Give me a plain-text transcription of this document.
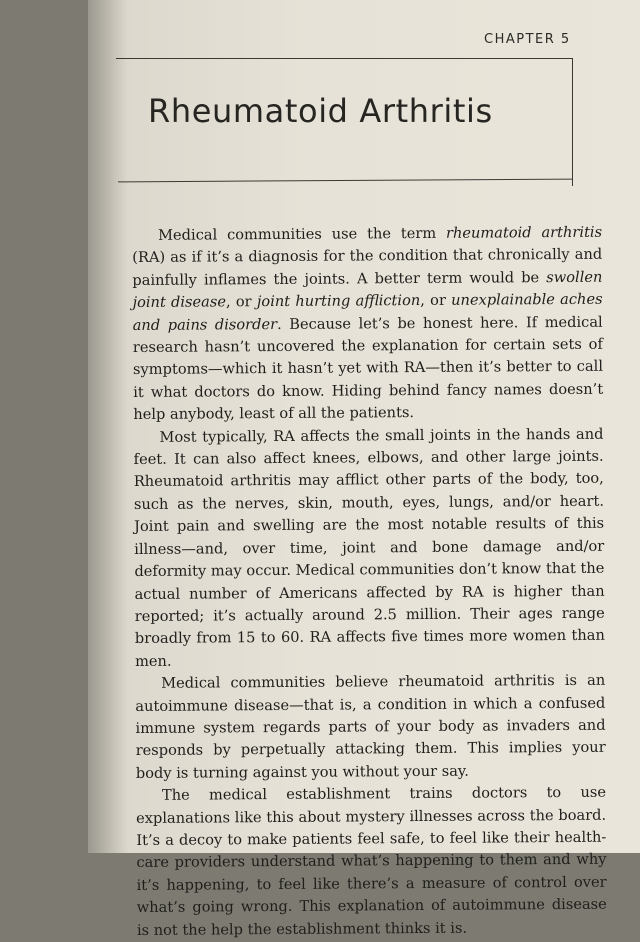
CHAPTER 5
Rheumatoid Arthritis

Medical communities use the term rheumatoid arthritis (RA) as if it’s a diagnosis for the condition that chronically and painfully inflames the joints. A better term would be swollen joint disease, or joint hurting affliction, or unexplainable aches and pains disorder. Because let’s be honest here. If medical research hasn’t uncovered the explanation for certain sets of symptoms—which it hasn’t yet with RA—then it’s better to call it what doctors do know. Hiding behind fancy names doesn’t help anybody, least of all the patients.

Most typically, RA affects the small joints in the hands and feet. It can also affect knees, elbows, and other large joints. Rheumatoid arthritis may afflict other parts of the body, too, such as the nerves, skin, mouth, eyes, lungs, and/or heart. Joint pain and swelling are the most notable results of this illness—and, over time, joint and bone damage and/or deformity may occur. Medical communities don’t know that the actual number of Americans affected by RA is higher than reported; it’s actually around 2.5 million. Their ages range broadly from 15 to 60. RA affects five times more women than men.

Medical communities believe rheumatoid arthritis is an autoimmune disease—that is, a condition in which a confused immune system regards parts of your body as invaders and responds by perpetually attacking them. This implies your body is turning against you without your say.

The medical establishment trains doctors to use explanations like this about mystery illnesses across the board. It’s a decoy to make patients feel safe, to feel like their health-care providers understand what’s happening to them and why it’s happening, to feel like there’s a measure of control over what’s going wrong. This explanation of autoimmune disease is not the help the establishment thinks it is.
